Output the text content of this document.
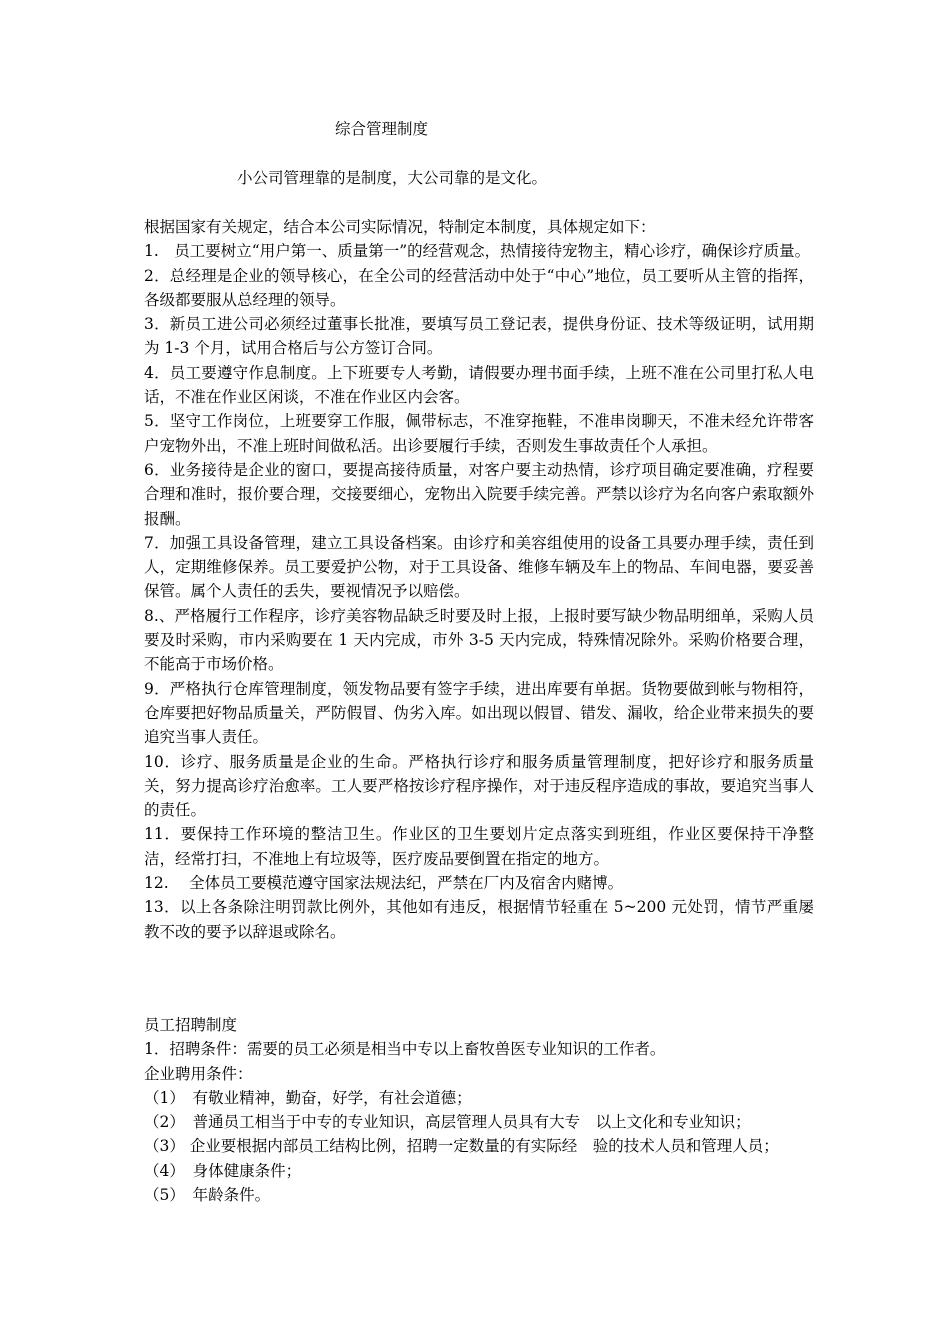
综合管理制度

小公司管理靠的是制度，大公司靠的是文化。

根据国家有关规定，结合本公司实际情况，特制定本制度，具体规定如下：

1.　员工要树立“用户第一、质量第一”的经营观念，热情接待宠物主，精心诊疗，确保诊疗质量。

2．总经理是企业的领导核心，在全公司的经营活动中处于“中心”地位，员工要听从主管的指挥，各级都要服从总经理的领导。

3．新员工进公司必须经过董事长批准，要填写员工登记表，提供身份证、技术等级证明，试用期为 1-3 个月，试用合格后与公方签订合同。

4．员工要遵守作息制度。上下班要专人考勤，请假要办理书面手续，上班不准在公司里打私人电话，不准在作业区闲谈，不准在作业区内会客。

5．坚守工作岗位，上班要穿工作服，佩带标志，不准穿拖鞋，不准串岗聊天，不准未经允许带客户宠物外出，不准上班时间做私活。出诊要履行手续，否则发生事故责任个人承担。

6．业务接待是企业的窗口，要提高接待质量，对客户要主动热情，诊疗项目确定要准确，疗程要合理和准时，报价要合理，交接要细心，宠物出入院要手续完善。严禁以诊疗为名向客户索取额外报酬。

7．加强工具设备管理，建立工具设备档案。由诊疗和美容组使用的设备工具要办理手续，责任到人，定期维修保养。员工要爱护公物，对于工具设备、维修车辆及车上的物品、车间电器，要妥善保管。属个人责任的丢失，要视情况予以赔偿。

8.、严格履行工作程序，诊疗美容物品缺乏时要及时上报，上报时要写缺少物品明细单，采购人员要及时采购，市内采购要在 1 天内完成，市外 3-5 天内完成，特殊情况除外。采购价格要合理，不能高于市场价格。

9．严格执行仓库管理制度，领发物品要有签字手续，进出库要有单据。货物要做到帐与物相符，仓库要把好物品质量关，严防假冒、伪劣入库。如出现以假冒、错发、漏收，给企业带来损失的要追究当事人责任。

10．诊疗、服务质量是企业的生命。严格执行诊疗和服务质量管理制度，把好诊疗和服务质量关，努力提高诊疗治愈率。工人要严格按诊疗程序操作，对于违反程序造成的事故，要追究当事人的责任。

11．要保持工作环境的整洁卫生。作业区的卫生要划片定点落实到班组，作业区要保持干净整洁，经常打扫，不准地上有垃圾等，医疗废品要倒置在指定的地方。

12.　 全体员工要模范遵守国家法规法纪，严禁在厂内及宿舍内赌博。

13．以上各条除注明罚款比例外，其他如有违反，根据情节轻重在 5~200 元处罚，情节严重屡教不改的要予以辞退或除名。

员工招聘制度

1．招聘条件：需要的员工必须是相当中专以上畜牧兽医专业知识的工作者。

企业聘用条件：

（1）　有敬业精神，勤奋，好学，有社会道德；

（2）　普通员工相当于中专的专业知识，高层管理人员具有大专　以上文化和专业知识；

（3） 企业要根据内部员工结构比例，招聘一定数量的有实际经　验的技术人员和管理人员；

（4）　身体健康条件；

（5）　年龄条件。
